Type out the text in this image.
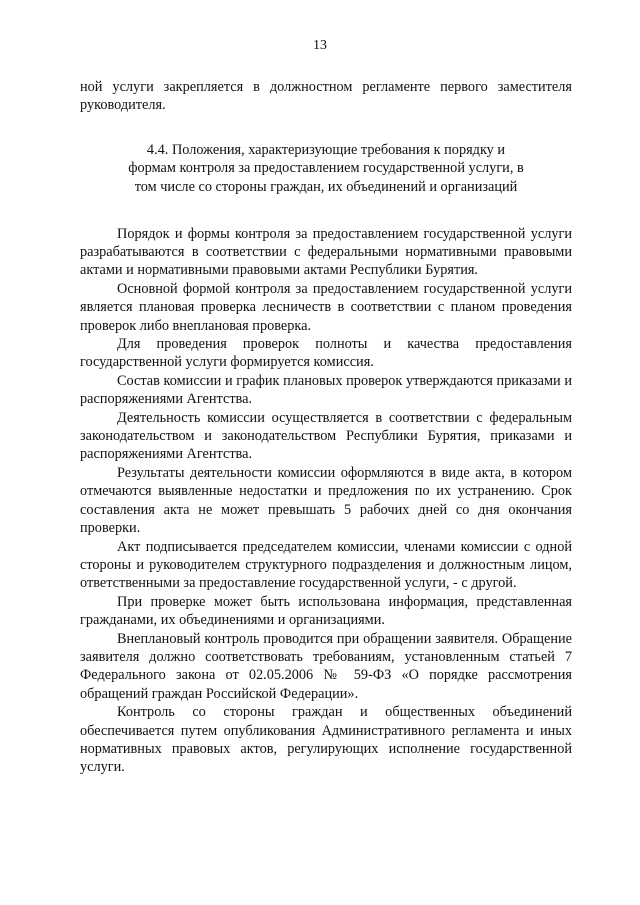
13

ной услуги закрепляется в должностном регламенте первого заместителя руководителя.

4.4. Положения, характеризующие требования к порядку и
формам контроля за предоставлением государственной услуги, в
том числе со стороны граждан, их объединений и организаций

Порядок и формы контроля за предоставлением государственной услуги разрабатываются в соответствии с федеральными нормативными правовыми актами и нормативными правовыми актами Республики Бурятия.

Основной формой контроля за предоставлением государственной услуги является плановая проверка лесничеств в соответствии с планом проведения проверок либо внеплановая проверка.

Для проведения проверок полноты и качества предоставления государственной услуги формируется комиссия.

Состав комиссии и график плановых проверок утверждаются приказами и распоряжениями Агентства.

Деятельность комиссии осуществляется в соответствии с федеральным законодательством и законодательством Республики Бурятия, приказами и распоряжениями Агентства.

Результаты деятельности комиссии оформляются в виде акта, в котором отмечаются выявленные недостатки и предложения по их устранению. Срок составления акта не может превышать 5 рабочих дней со дня окончания проверки.

Акт подписывается председателем комиссии, членами комиссии с одной стороны и руководителем структурного подразделения и должностным лицом, ответственными за предоставление государственной услуги, - с другой.

При проверке может быть использована информация, представленная гражданами, их объединениями и организациями.

Внеплановый контроль проводится при обращении заявителя. Обращение заявителя должно соответствовать требованиям, установленным статьей 7 Федерального закона от 02.05.2006 № 59-ФЗ «О порядке рассмотрения обращений граждан Российской Федерации».

Контроль со стороны граждан и общественных объединений обеспечивается путем опубликования Административного регламента и иных нормативных правовых актов, регулирующих исполнение государственной услуги.
